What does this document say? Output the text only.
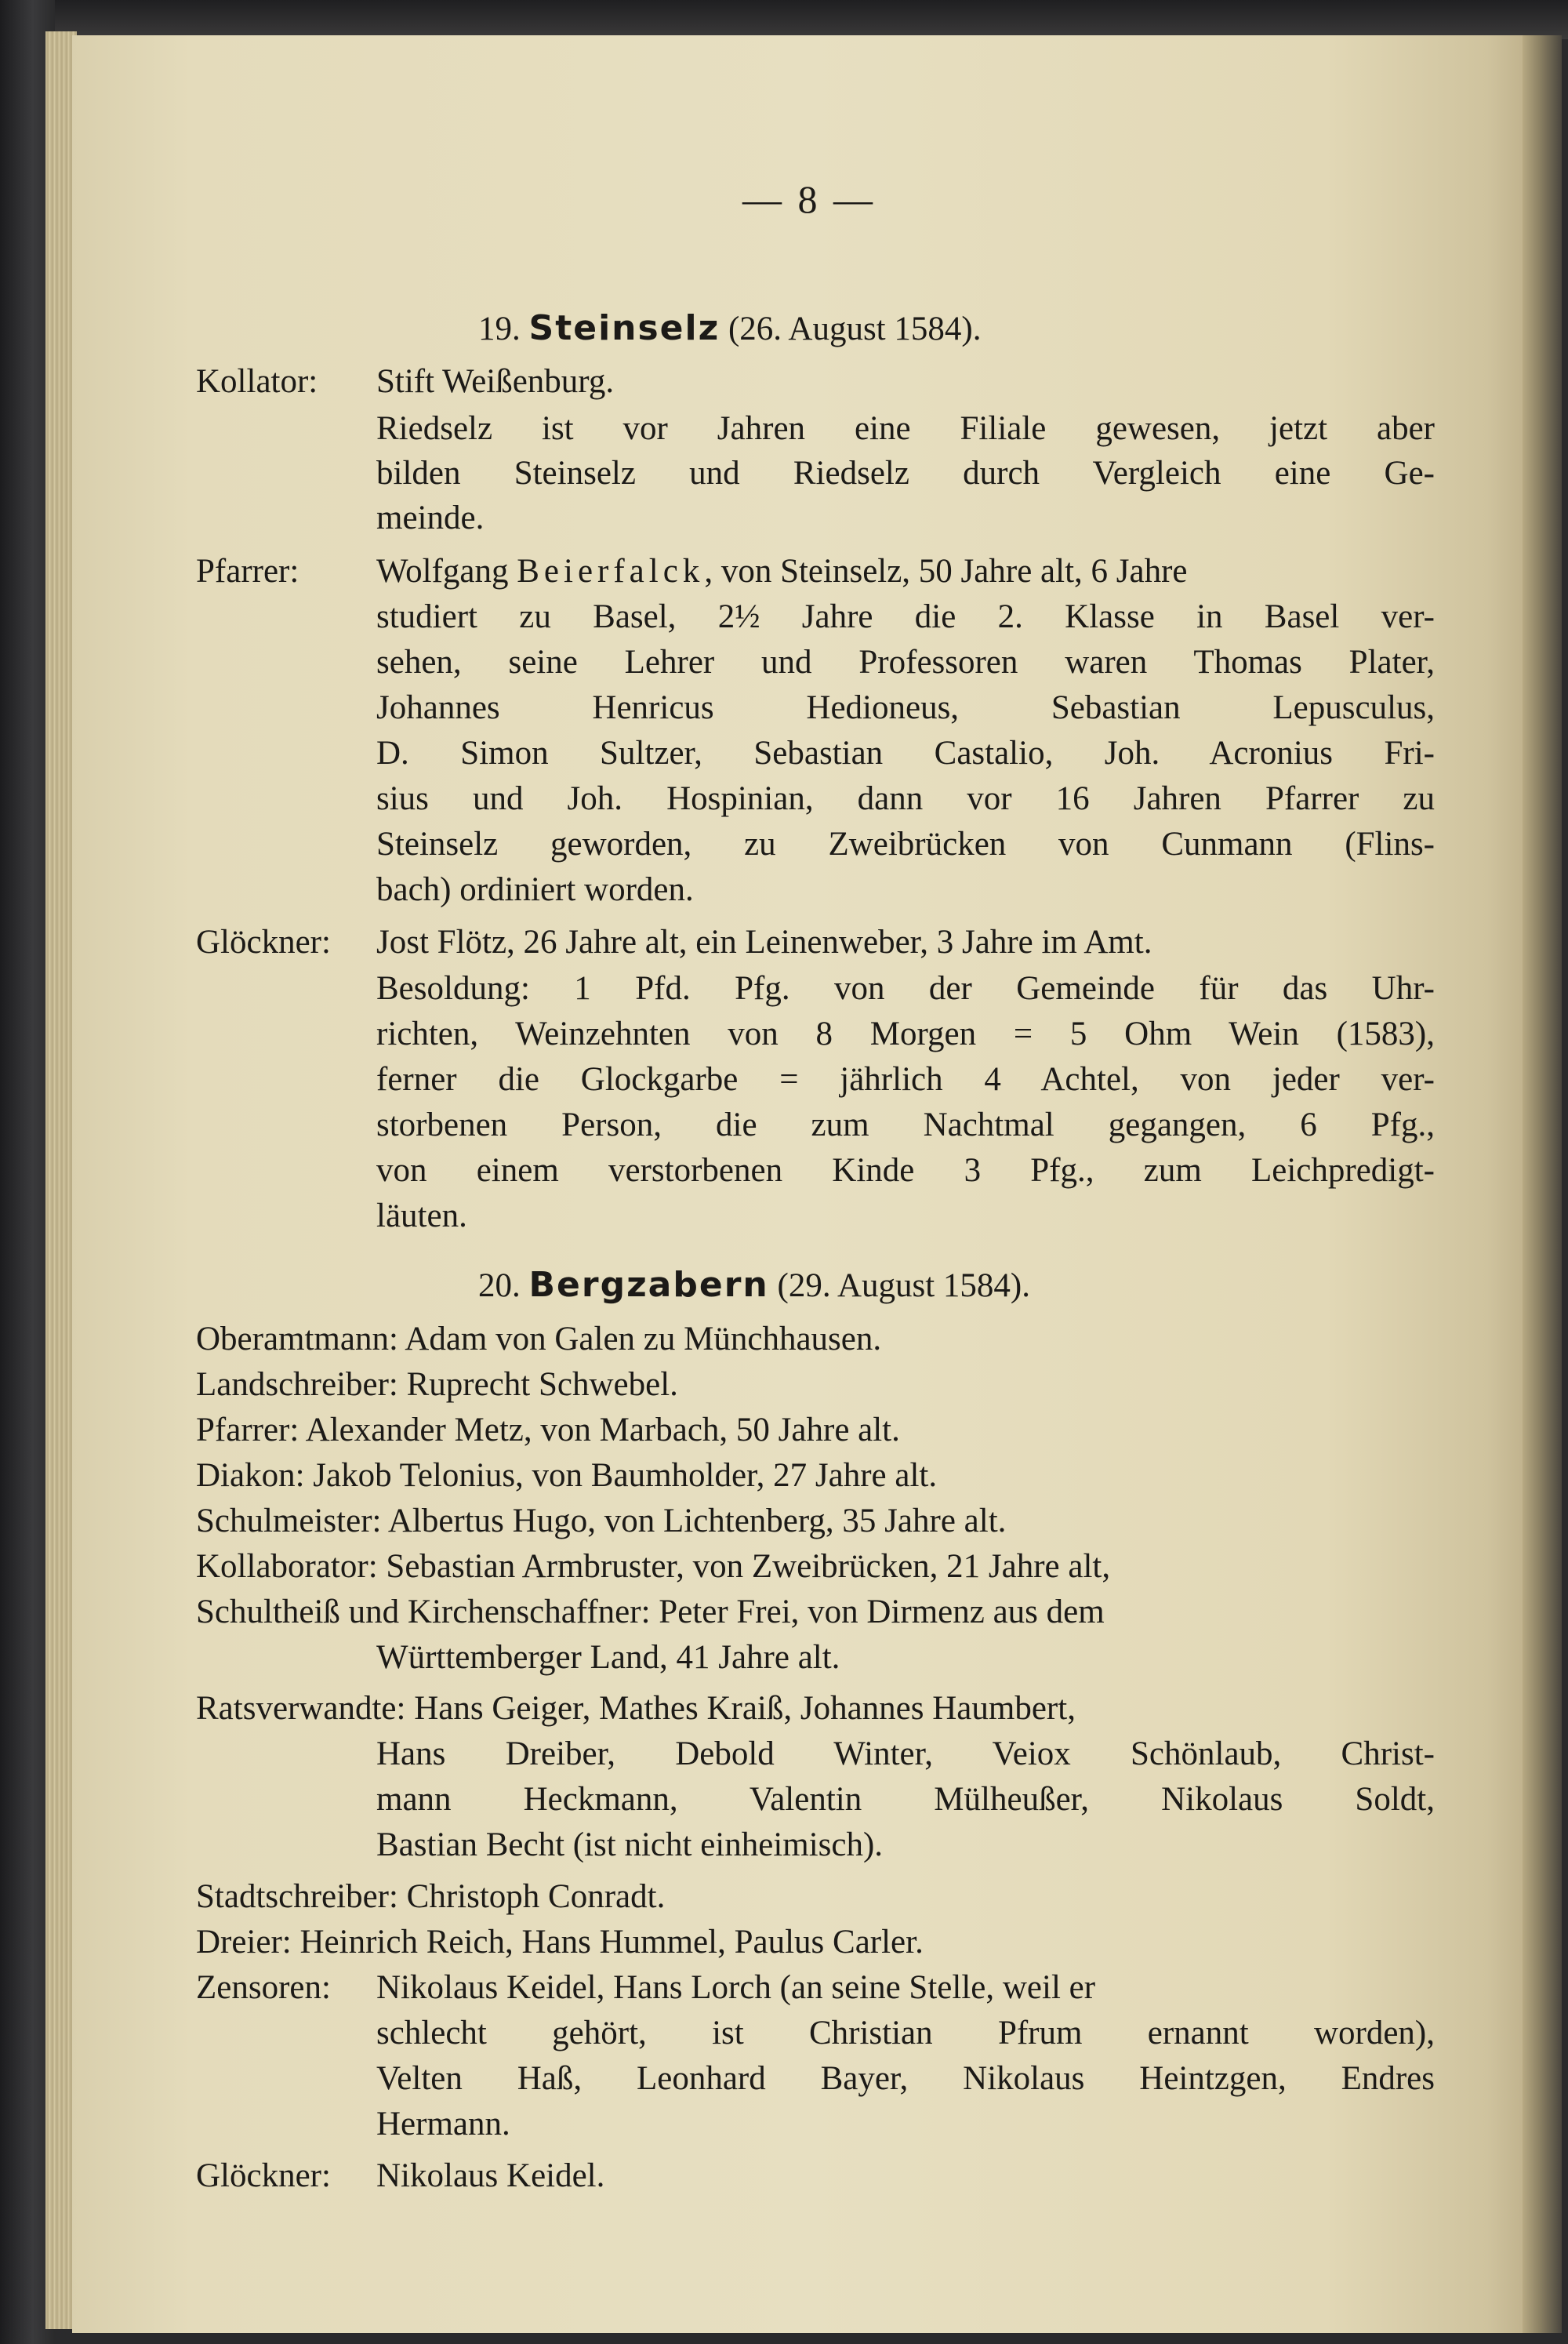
— 8 —
19. Steinselz (26. August 1584).
Kollator: Stift Weißenburg.
Riedselz ist vor Jahren eine Filiale gewesen, jetzt aber
bilden Steinselz und Riedselz durch Vergleich eine Ge-
meinde.
Pfarrer: Wolfgang Beierfalck, von Steinselz, 50 Jahre alt, 6 Jahre
studiert zu Basel, 2½ Jahre die 2. Klasse in Basel ver-
sehen, seine Lehrer und Professoren waren Thomas Plater,
Johannes Henricus Hedioneus, Sebastian Lepusculus,
D. Simon Sultzer, Sebastian Castalio, Joh. Acronius Fri-
sius und Joh. Hospinian, dann vor 16 Jahren Pfarrer zu
Steinselz geworden, zu Zweibrücken von Cunmann (Flins-
bach) ordiniert worden.
Glöckner: Jost Flötz, 26 Jahre alt, ein Leinenweber, 3 Jahre im Amt.
Besoldung: 1 Pfd. Pfg. von der Gemeinde für das Uhr-
richten, Weinzehnten von 8 Morgen = 5 Ohm Wein (1583),
ferner die Glockgarbe = jährlich 4 Achtel, von jeder ver-
storbenen Person, die zum Nachtmal gegangen, 6 Pfg.,
von einem verstorbenen Kinde 3 Pfg., zum Leichpredigt-
läuten.
20. Bergzabern (29. August 1584).
Oberamtmann: Adam von Galen zu Münchhausen.
Landschreiber: Ruprecht Schwebel.
Pfarrer: Alexander Metz, von Marbach, 50 Jahre alt.
Diakon: Jakob Telonius, von Baumholder, 27 Jahre alt.
Schulmeister: Albertus Hugo, von Lichtenberg, 35 Jahre alt.
Kollaborator: Sebastian Armbruster, von Zweibrücken, 21 Jahre alt,
Schultheiß und Kirchenschaffner: Peter Frei, von Dirmenz aus dem
Württemberger Land, 41 Jahre alt.
Ratsverwandte: Hans Geiger, Mathes Kraiß, Johannes Haumbert,
Hans Dreiber, Debold Winter, Veiox Schönlaub, Christ-
mann Heckmann, Valentin Mülheußer, Nikolaus Soldt,
Bastian Becht (ist nicht einheimisch).
Stadtschreiber: Christoph Conradt.
Dreier: Heinrich Reich, Hans Hummel, Paulus Carler.
Zensoren: Nikolaus Keidel, Hans Lorch (an seine Stelle, weil er
schlecht gehört, ist Christian Pfrum ernannt worden),
Velten Haß, Leonhard Bayer, Nikolaus Heintzgen, Endres
Hermann.
Glöckner: Nikolaus Keidel.
